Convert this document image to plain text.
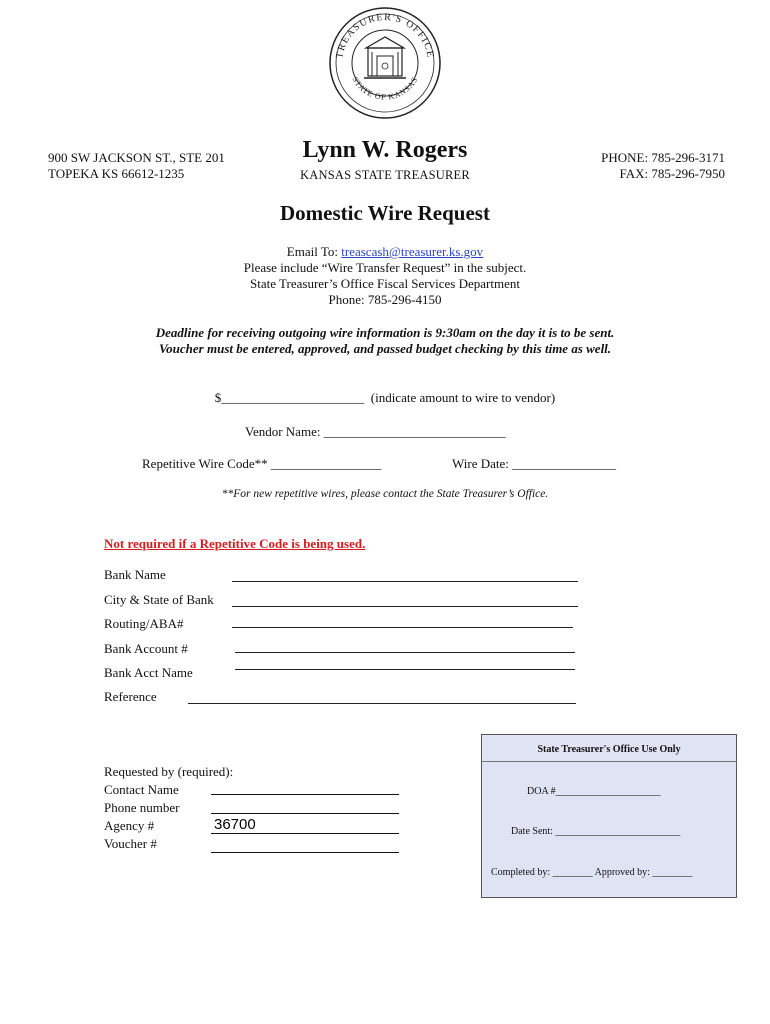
TREASURER'S OFFICE
STATE OF KANSAS
900 SW JACKSON ST., STE 201
TOPEKA KS 66612-1235
Lynn W. Rogers
KANSAS STATE TREASURER
PHONE: 785-296-3171
FAX: 785-296-7950
Domestic Wire Request
Email To: treascash@treasurer.ks.gov
Please include “Wire Transfer Request” in the subject.
State Treasurer’s Office Fiscal Services Department
Phone: 785-296-4150
Deadline for receiving outgoing wire information is 9:30am on the day it is to be sent.
Voucher must be entered, approved, and passed budget checking by this time as well.
$______________________  (indicate amount to wire to vendor)
Vendor Name: ____________________________
Repetitive Wire Code** _________________	Wire Date: ________________
**For new repetitive wires, please contact the State Treasurer’s Office.
Not required if a Repetitive Code is being used.
Bank Name
City & State of Bank
Routing/ABA#
Bank Account #
Bank Acct Name
Reference
Requested by (required):
Contact Name
Phone number
Agency #	36700
Voucher #
State Treasurer's Office Use Only
DOA #_____________________
Date Sent: _________________________
Completed by: ________ Approved by: ________
